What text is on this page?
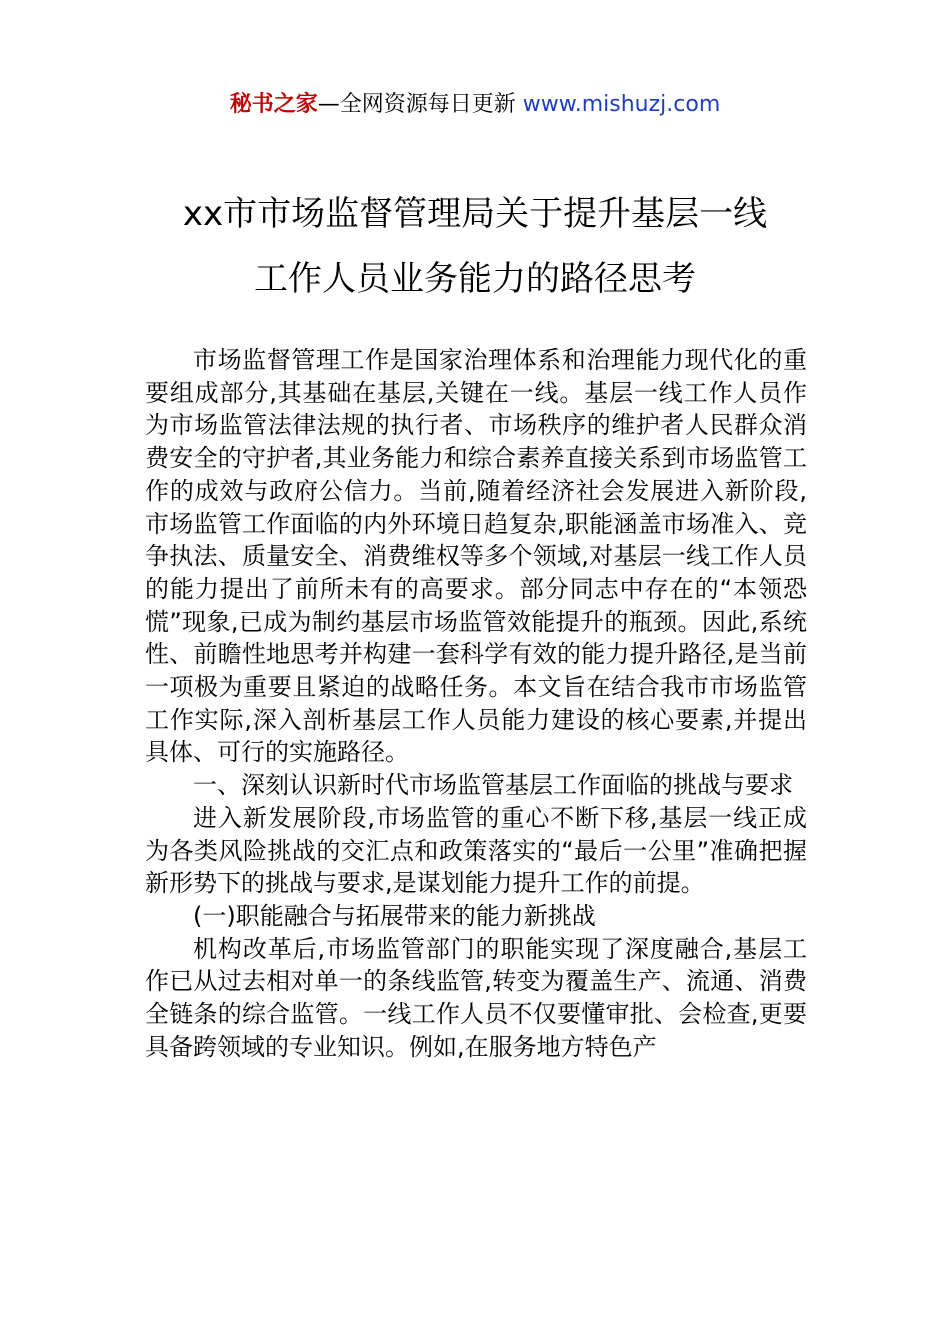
秘书之家—全网资源每日更新 www.mishuzj.com
xx市市场监督管理局关于提升基层一线
工作人员业务能力的路径思考

市场监督管理工作是国家治理体系和治理能力现代化的重要组成部分,其基础在基层,关键在一线。基层一线工作人员作为市场监管法律法规的执行者、市场秩序的维护者人民群众消费安全的守护者,其业务能力和综合素养直接关系到市场监管工作的成效与政府公信力。当前,随着经济社会发展进入新阶段,市场监管工作面临的内外环境日趋复杂,职能涵盖市场准入、竞争执法、质量安全、消费维权等多个领域,对基层一线工作人员的能力提出了前所未有的高要求。部分同志中存在的“本领恐慌”现象,已成为制约基层市场监管效能提升的瓶颈。因此,系统性、前瞻性地思考并构建一套科学有效的能力提升路径,是当前一项极为重要且紧迫的战略任务。本文旨在结合我市市场监管工作实际,深入剖析基层工作人员能力建设的核心要素,并提出具体、可行的实施路径。

一、深刻认识新时代市场监管基层工作面临的挑战与要求

进入新发展阶段,市场监管的重心不断下移,基层一线正成为各类风险挑战的交汇点和政策落实的“最后一公里”准确把握新形势下的挑战与要求,是谋划能力提升工作的前提。

(一)职能融合与拓展带来的能力新挑战

机构改革后,市场监管部门的职能实现了深度融合,基层工作已从过去相对单一的条线监管,转变为覆盖生产、流通、消费全链条的综合监管。一线工作人员不仅要懂审批、会检查,更要具备跨领域的专业知识。例如,在服务地方特色产
